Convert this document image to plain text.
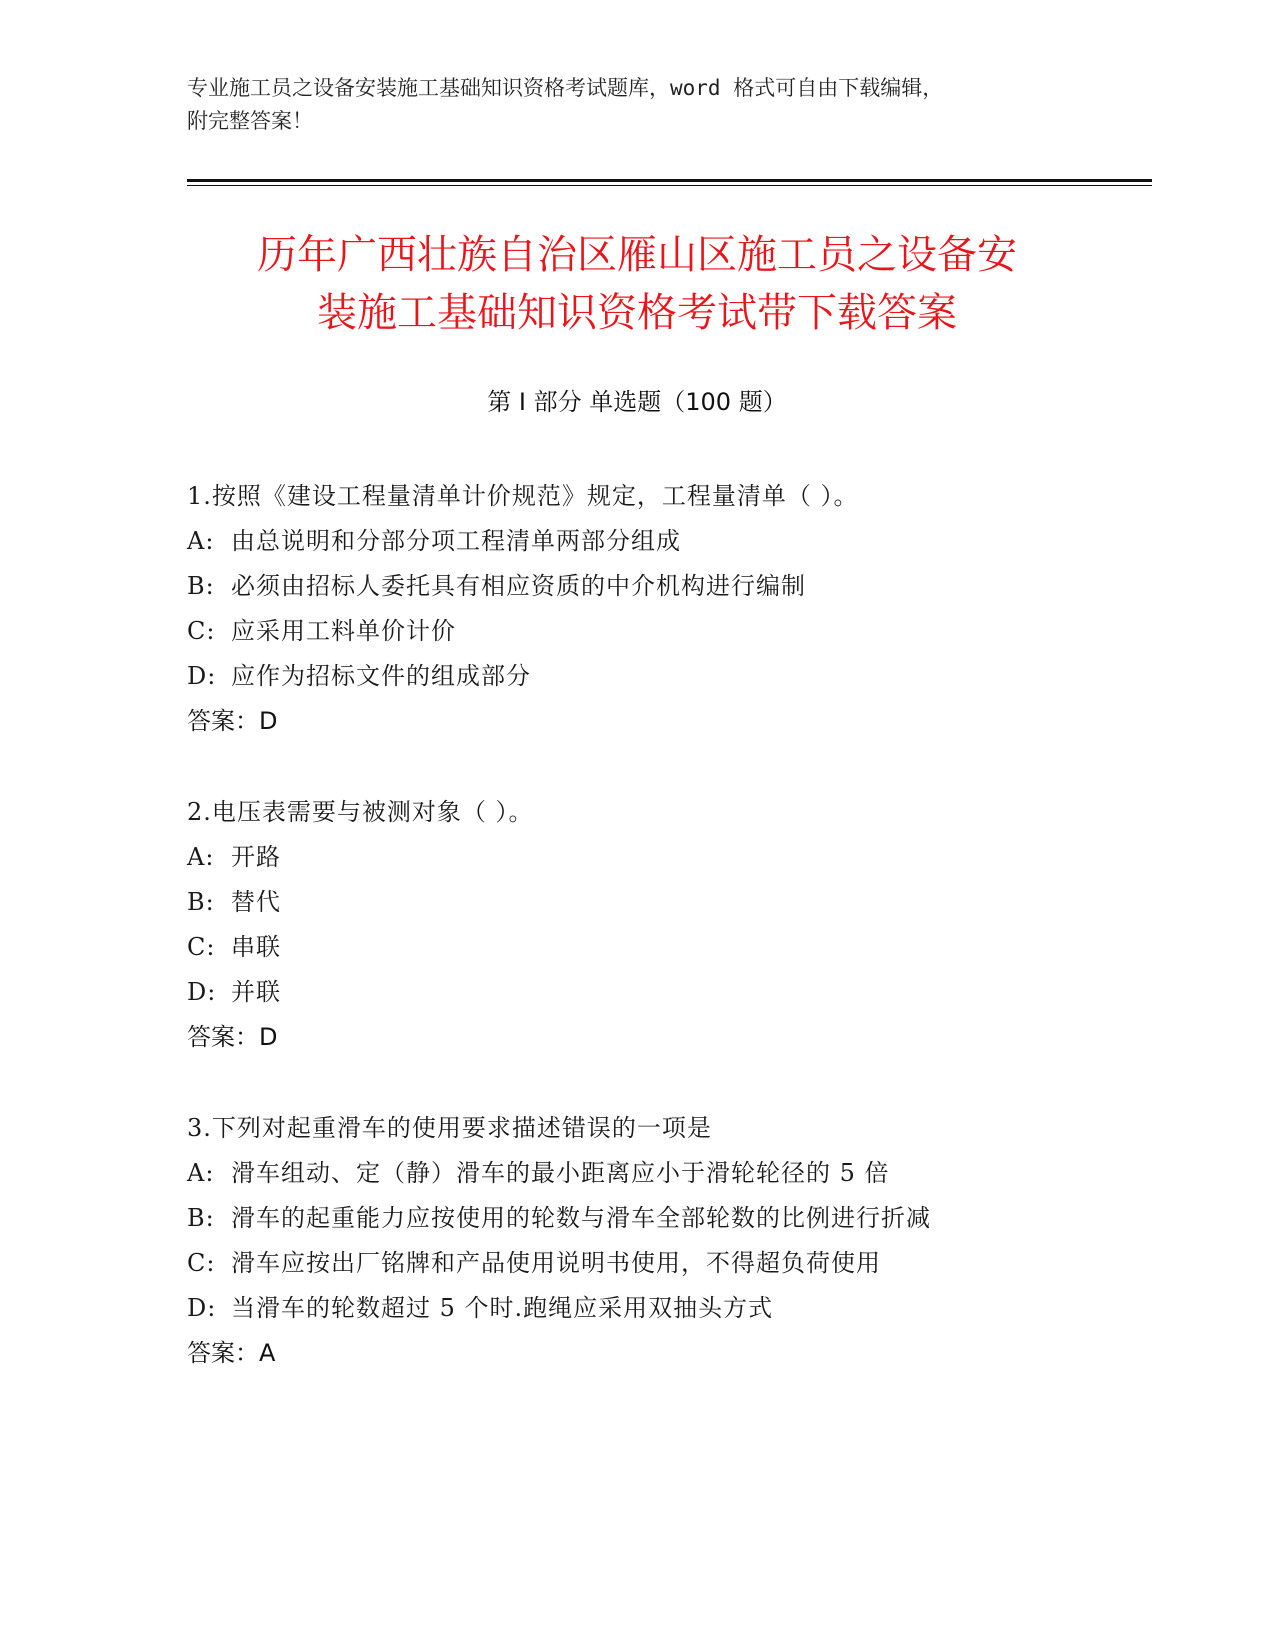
专业施工员之设备安装施工基础知识资格考试题库，word 格式可自由下载编辑，
附完整答案！
历年广西壮族自治区雁山区施工员之设备安
装施工基础知识资格考试带下载答案
第 I 部分 单选题（100 题）
1.按照《建设工程量清单计价规范》规定，工程量清单（ ）。
A: 由总说明和分部分项工程清单两部分组成
B: 必须由招标人委托具有相应资质的中介机构进行编制
C: 应采用工料单价计价
D: 应作为招标文件的组成部分
答案：D
2.电压表需要与被测对象（ ）。
A: 开路
B: 替代
C: 串联
D: 并联
答案：D
3.下列对起重滑车的使用要求描述错误的一项是
A: 滑车组动、定（静）滑车的最小距离应小于滑轮轮径的 5 倍
B: 滑车的起重能力应按使用的轮数与滑车全部轮数的比例进行折减
C: 滑车应按出厂铭牌和产品使用说明书使用，不得超负荷使用
D: 当滑车的轮数超过 5 个时.跑绳应采用双抽头方式
答案：A
